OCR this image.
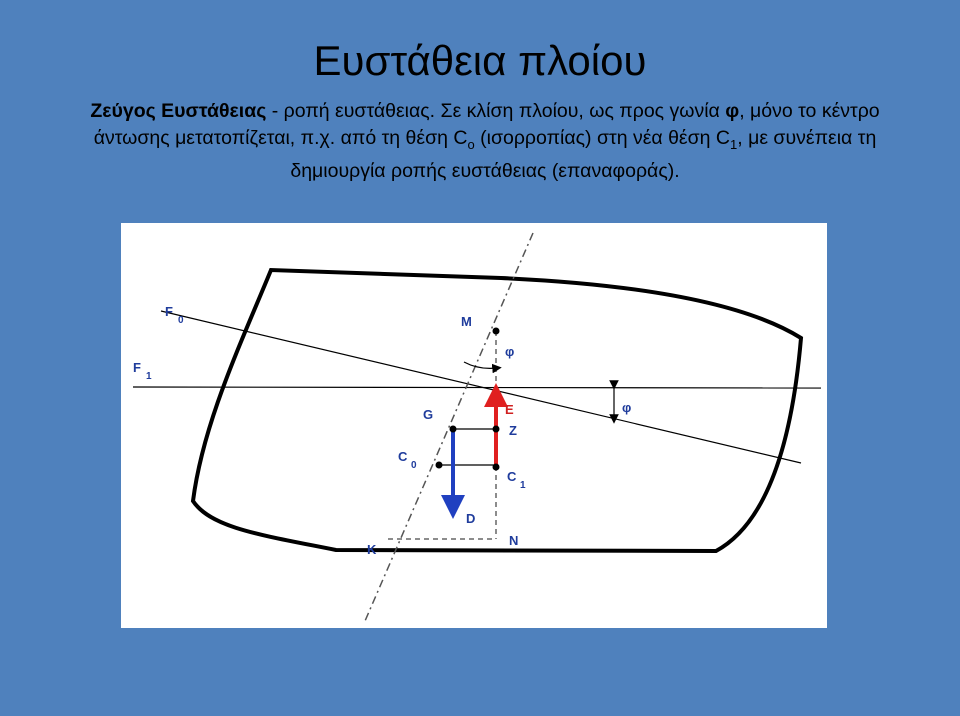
Ευστάθεια πλοίου
Ζεύγος Ευστάθειας - ροπή ευστάθειας. Σε κλίση πλοίου, ως προς γωνία φ, μόνο το κέντρο άντωσης μετατοπίζεται, π.χ. από τη θέση $C_o$ (ισορροπίας) στη νέα θέση $C_1$, με συνέπεια τη δημιουργία ροπής ευστάθειας (επαναφοράς).
F
0
F
1
M
φ
φ
G	E
Z
C
0
C
1
D
K
N
